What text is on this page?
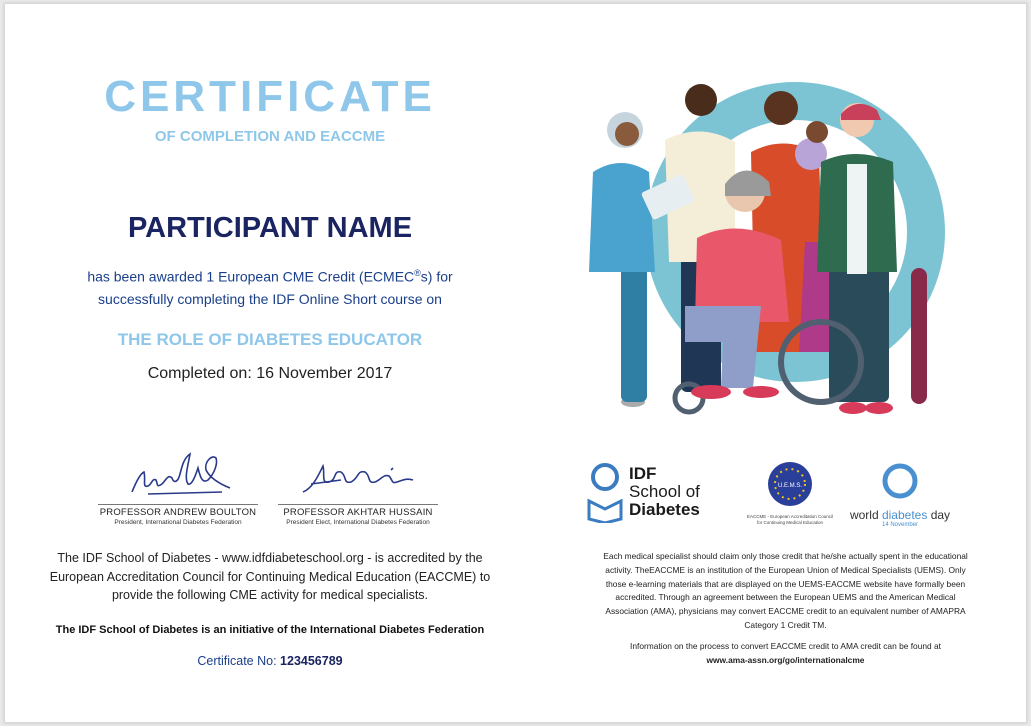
CERTIFICATE
OF COMPLETION AND EACCME
PARTICIPANT NAME
has been awarded 1 European CME Credit (ECMEC®s) for
successfully completing the IDF Online Short course on
THE ROLE OF DIABETES EDUCATOR
Completed on: 16 November 2017
PROFESSOR ANDREW BOULTON
President, International Diabetes Federation
PROFESSOR AKHTAR HUSSAIN
President Elect, International Diabetes Federation
The IDF School of Diabetes - www.idfdiabeteschool.org - is accredited by the
European Accreditation Council for Continuing Medical Education (EACCME) to
provide the following CME activity for medical specialists.
The IDF School of Diabetes is an initiative of the International Diabetes Federation
Certificate No: 123456789
IDF
School of
Diabetes
U.E.M.S.
EACCME - European Accreditation Council for Continuing Medical Education
world diabetes day
14 November
Each medical specialist should claim only those credit that he/she actually spent in the educational
activity. TheEACCME is an institution of the European Union of Medical Specialists (UEMS). Only
those e-learning materials that are displayed on the UEMS-EACCME website have formally been
accredited. Through an agreement between the European UEMS and the American Medical
Association (AMA), physicians may convert EACCME credit to an equivalent number of AMAPRA
Category 1 Credit TM.
Information on the process to convert EACCME credit to AMA credit can be found at
www.ama-assn.org/go/internationalcme
